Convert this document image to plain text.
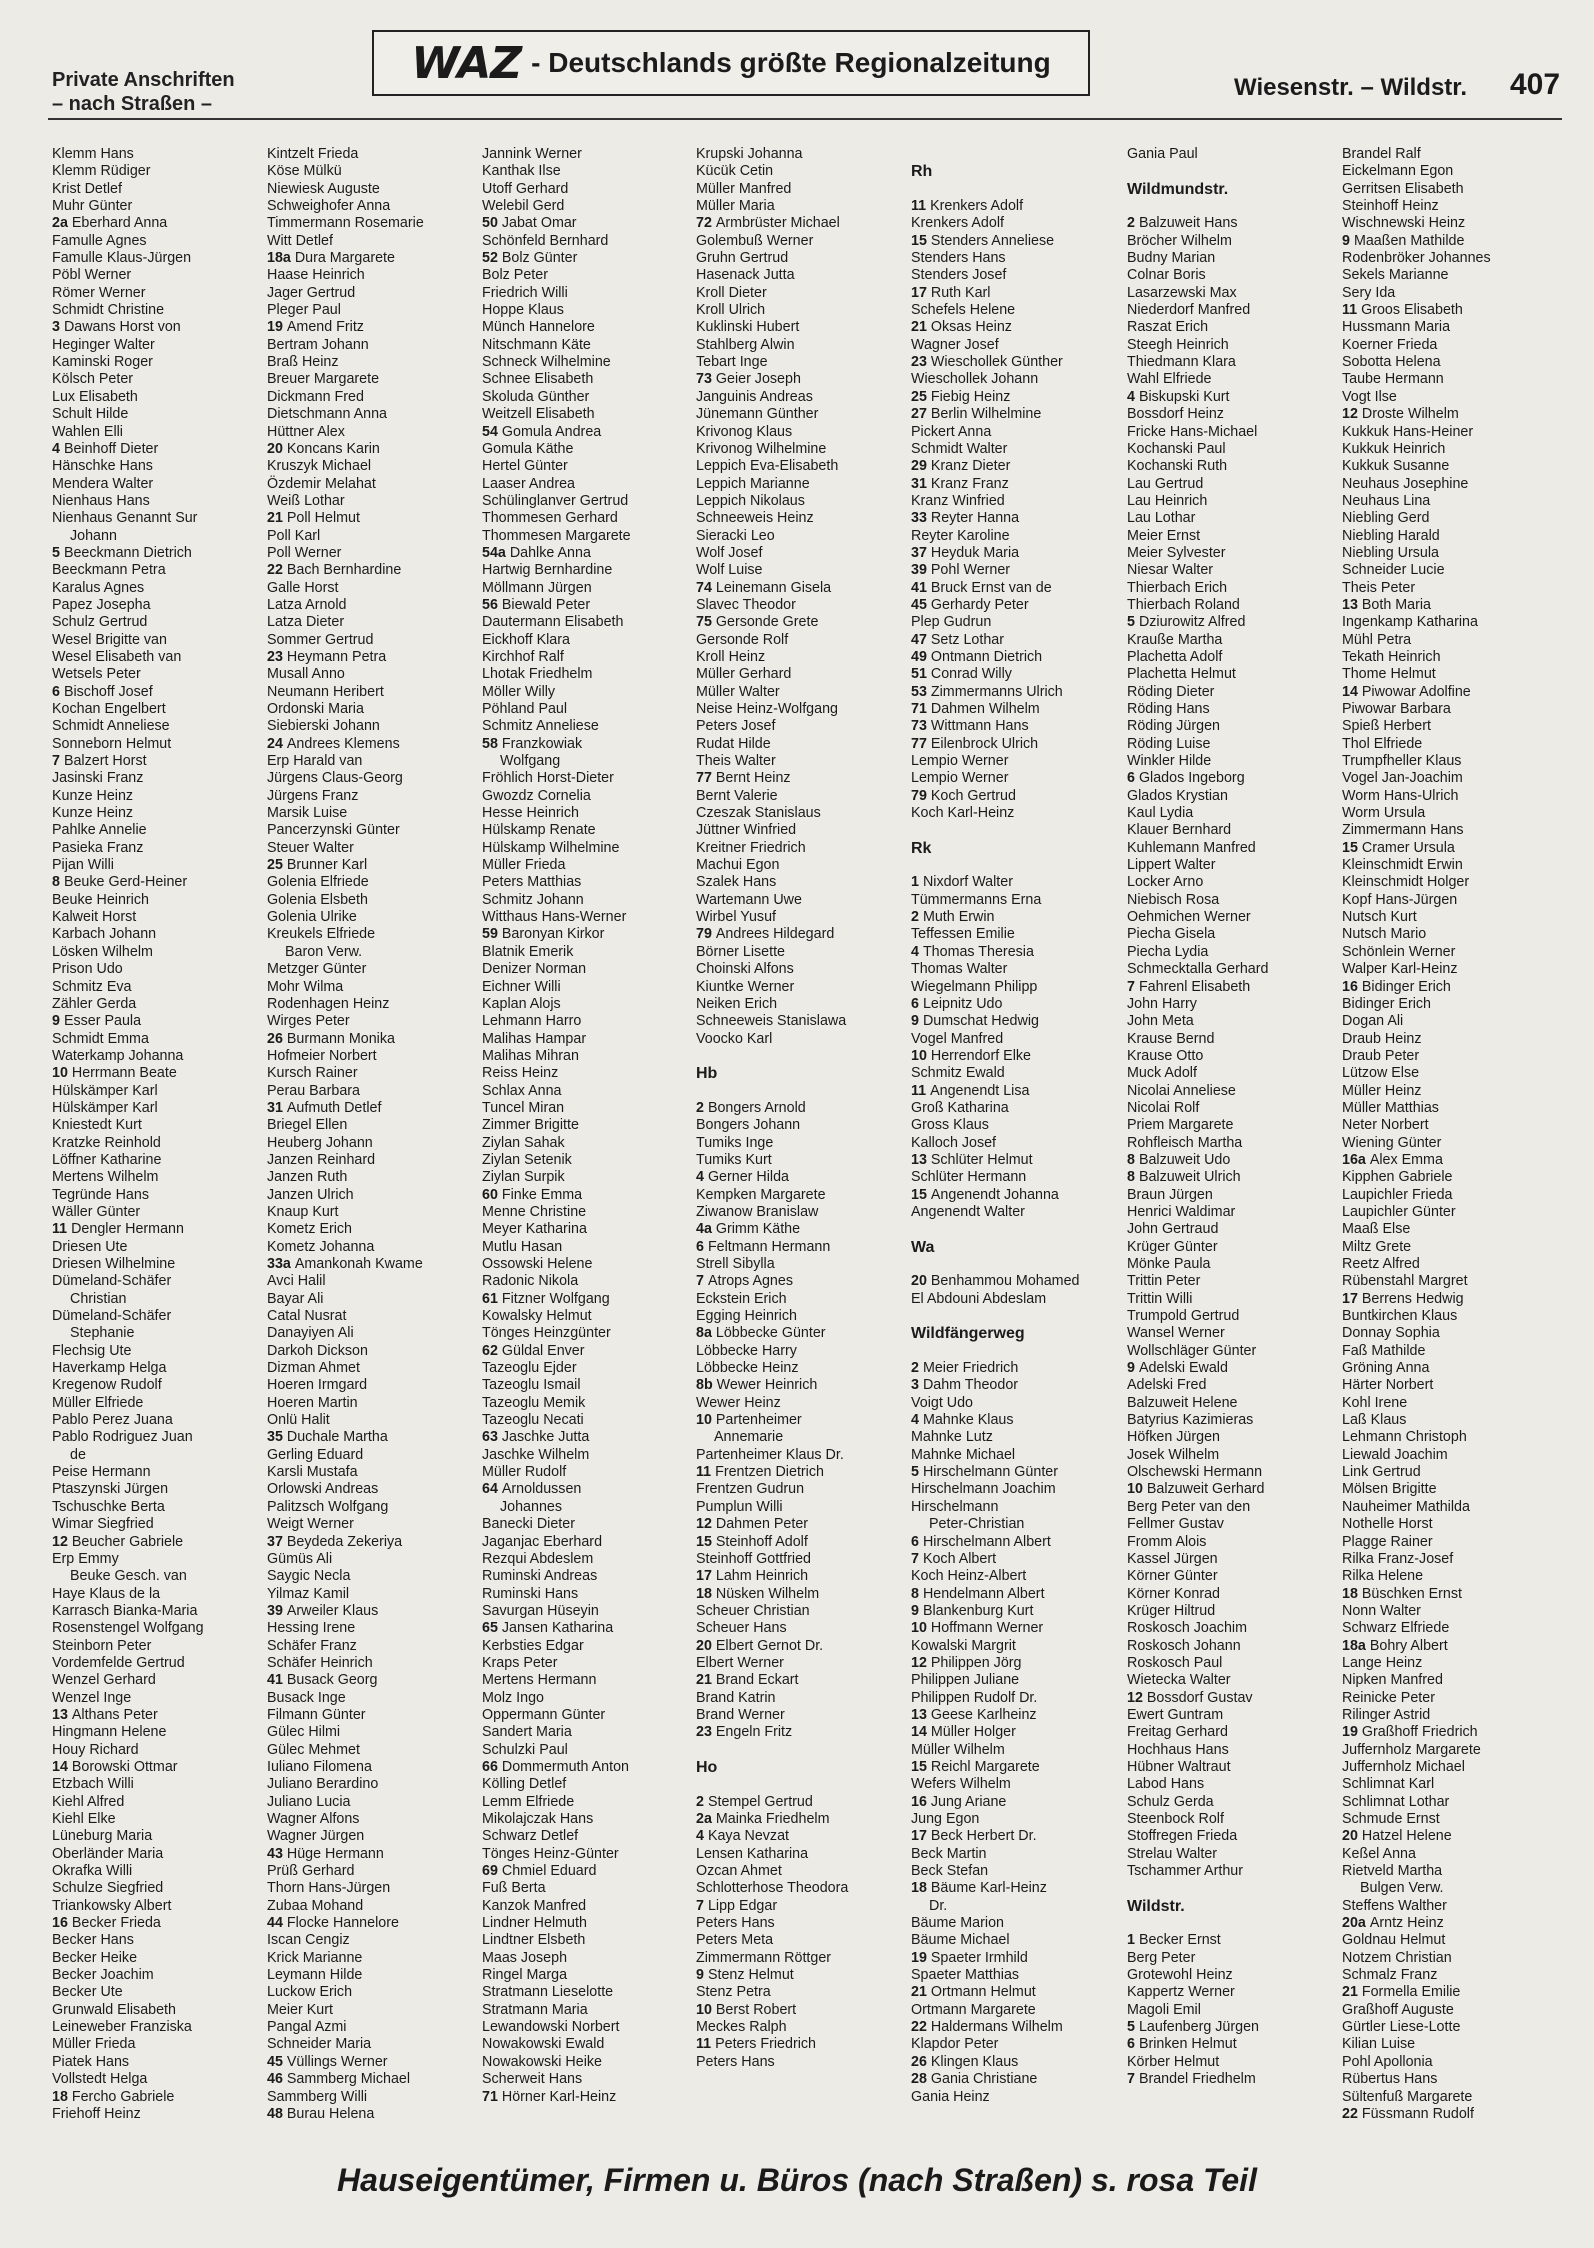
Private Anschriften
– nach Straßen –
WAZ - Deutschlands größte Regionalzeitung
Wiesenstr. – Wildstr. 407
Klemm Hans
Klemm Rüdiger
Krist Detlef
Muhr Günter
2a Eberhard Anna
Famulle Agnes
Famulle Klaus-Jürgen
Pöbl Werner
Römer Werner
Schmidt Christine
3 Dawans Horst von
Heginger Walter
Kaminski Roger
Kölsch Peter
Lux Elisabeth
Schult Hilde
Wahlen Elli
4 Beinhoff Dieter
Hänschke Hans
Mendera Walter
Nienhaus Hans
Nienhaus Genannt Sur
Johann
5 Beeckmann Dietrich
Beeckmann Petra
Karalus Agnes
Papez Josepha
Schulz Gertrud
Wesel Brigitte van
Wesel Elisabeth van
Wetsels Peter
6 Bischoff Josef
Kochan Engelbert
Schmidt Anneliese
Sonneborn Helmut
7 Balzert Horst
Jasinski Franz
Kunze Heinz
Kunze Heinz
Pahlke Annelie
Pasieka Franz
Pijan Willi
8 Beuke Gerd-Heiner
Beuke Heinrich
Kalweit Horst
Karbach Johann
Lösken Wilhelm
Prison Udo
Schmitz Eva
Zähler Gerda
9 Esser Paula
Schmidt Emma
Waterkamp Johanna
10 Herrmann Beate
Hülskämper Karl
Hülskämper Karl
Kniestedt Kurt
Kratzke Reinhold
Löffner Katharine
Mertens Wilhelm
Tegründe Hans
Wäller Günter
11 Dengler Hermann
Driesen Ute
Driesen Wilhelmine
Dümeland-Schäfer
Christian
Dümeland-Schäfer
Stephanie
Flechsig Ute
Haverkamp Helga
Kregenow Rudolf
Müller Elfriede
Pablo Perez Juana
Pablo Rodriguez Juan
de
Peise Hermann
Ptaszynski Jürgen
Tschuschke Berta
Wimar Siegfried
12 Beucher Gabriele
Erp Emmy
Beuke Gesch. van
Haye Klaus de la
Karrasch Bianka-Maria
Rosenstengel Wolfgang
Steinborn Peter
Vordemfelde Gertrud
Wenzel Gerhard
Wenzel Inge
13 Althans Peter
Hingmann Helene
Houy Richard
14 Borowski Ottmar
Etzbach Willi
Kiehl Alfred
Kiehl Elke
Lüneburg Maria
Oberländer Maria
Okrafka Willi
Schulze Siegfried
Triankowsky Albert
16 Becker Frieda
Becker Hans
Becker Heike
Becker Joachim
Becker Ute
Grunwald Elisabeth
Leineweber Franziska
Müller Frieda
Piatek Hans
Vollstedt Helga
18 Fercho Gabriele
Friehoff Heinz
Kintzelt Frieda
Köse Mülkü
Niewiesk Auguste
Schweighofer Anna
Timmermann Rosemarie
Witt Detlef
18a Dura Margarete
Haase Heinrich
Jager Gertrud
Pleger Paul
19 Amend Fritz
Bertram Johann
Braß Heinz
Breuer Margarete
Dickmann Fred
Dietschmann Anna
Hüttner Alex
20 Koncans Karin
Kruszyk Michael
Özdemir Melahat
Weiß Lothar
21 Poll Helmut
Poll Karl
Poll Werner
22 Bach Bernhardine
Galle Horst
Latza Arnold
Latza Dieter
Sommer Gertrud
23 Heymann Petra
Musall Anno
Neumann Heribert
Ordonski Maria
Siebierski Johann
24 Andrees Klemens
Erp Harald van
Jürgens Claus-Georg
Jürgens Franz
Marsik Luise
Pancerzynski Günter
Steuer Walter
25 Brunner Karl
Golenia Elfriede
Golenia Elsbeth
Golenia Ulrike
Kreukels Elfriede
Baron Verw.
Metzger Günter
Mohr Wilma
Rodenhagen Heinz
Wirges Peter
26 Burmann Monika
Hofmeier Norbert
Kursch Rainer
Perau Barbara
31 Aufmuth Detlef
Briegel Ellen
Heuberg Johann
Janzen Reinhard
Janzen Ruth
Janzen Ulrich
Knaup Kurt
Kometz Erich
Kometz Johanna
33a Amankonah Kwame
Avci Halil
Bayar Ali
Catal Nusrat
Danayiyen Ali
Darkoh Dickson
Dizman Ahmet
Hoeren Irmgard
Hoeren Martin
Onlü Halit
35 Duchale Martha
Gerling Eduard
Karsli Mustafa
Orlowski Andreas
Palitzsch Wolfgang
Weigt Werner
37 Beydeda Zekeriya
Gümüs Ali
Saygic Necla
Yilmaz Kamil
39 Arweiler Klaus
Hessing Irene
Schäfer Franz
Schäfer Heinrich
41 Busack Georg
Busack Inge
Filmann Günter
Gülec Hilmi
Gülec Mehmet
Iuliano Filomena
Juliano Berardino
Juliano Lucia
Wagner Alfons
Wagner Jürgen
43 Hüge Hermann
Prüß Gerhard
Thorn Hans-Jürgen
Zubaa Mohand
44 Flocke Hannelore
Iscan Cengiz
Krick Marianne
Leymann Hilde
Luckow Erich
Meier Kurt
Pangal Azmi
Schneider Maria
45 Vüllings Werner
46 Sammberg Michael
Sammberg Willi
48 Burau Helena
Jannink Werner
Kanthak Ilse
Utoff Gerhard
Welebil Gerd
50 Jabat Omar
Schönfeld Bernhard
52 Bolz Günter
Bolz Peter
Friedrich Willi
Hoppe Klaus
Münch Hannelore
Nitschmann Käte
Schneck Wilhelmine
Schnee Elisabeth
Skoluda Günther
Weitzell Elisabeth
54 Gomula Andrea
Gomula Käthe
Hertel Günter
Laaser Andrea
Schülinglanver Gertrud
Thommesen Gerhard
Thommesen Margarete
54a Dahlke Anna
Hartwig Bernhardine
Möllmann Jürgen
56 Biewald Peter
Dautermann Elisabeth
Eickhoff Klara
Kirchhof Ralf
Lhotak Friedhelm
Möller Willy
Pöhland Paul
Schmitz Anneliese
58 Franzkowiak
Wolfgang
Fröhlich Horst-Dieter
Gwozdz Cornelia
Hesse Heinrich
Hülskamp Renate
Hülskamp Wilhelmine
Müller Frieda
Peters Matthias
Schmitz Johann
Witthaus Hans-Werner
59 Baronyan Kirkor
Blatnik Emerik
Denizer Norman
Eichner Willi
Kaplan Alojs
Lehmann Harro
Malihas Hampar
Malihas Mihran
Reiss Heinz
Schlax Anna
Tuncel Miran
Zimmer Brigitte
Ziylan Sahak
Ziylan Setenik
Ziylan Surpik
60 Finke Emma
Menne Christine
Meyer Katharina
Mutlu Hasan
Ossowski Helene
Radonic Nikola
61 Fitzner Wolfgang
Kowalsky Helmut
Tönges Heinzgünter
62 Güldal Enver
Tazeoglu Ejder
Tazeoglu Ismail
Tazeoglu Memik
Tazeoglu Necati
63 Jaschke Jutta
Jaschke Wilhelm
Müller Rudolf
64 Arnoldussen
Johannes
Banecki Dieter
Jaganjac Eberhard
Rezqui Abdeslem
Ruminski Andreas
Ruminski Hans
Savurgan Hüseyin
65 Jansen Katharina
Kerbsties Edgar
Kraps Peter
Mertens Hermann
Molz Ingo
Oppermann Günter
Sandert Maria
Schulzki Paul
66 Dommermuth Anton
Kölling Detlef
Lemm Elfriede
Mikolajczak Hans
Schwarz Detlef
Tönges Heinz-Günter
69 Chmiel Eduard
Fuß Berta
Kanzok Manfred
Lindner Helmuth
Lindtner Elsbeth
Maas Joseph
Ringel Marga
Stratmann Lieselotte
Stratmann Maria
Lewandowski Norbert
Nowakowski Ewald
Nowakowski Heike
Scherweit Hans
71 Hörner Karl-Heinz
Krupski Johanna
Kücük Cetin
Müller Manfred
Müller Maria
72 Armbrüster Michael
Golembuß Werner
Gruhn Gertrud
Hasenack Jutta
Kroll Dieter
Kroll Ulrich
Kuklinski Hubert
Stahlberg Alwin
Tebart Inge
73 Geier Joseph
Janguinis Andreas
Jünemann Günther
Krivonog Klaus
Krivonog Wilhelmine
Leppich Eva-Elisabeth
Leppich Marianne
Leppich Nikolaus
Schneeweis Heinz
Sieracki Leo
Wolf Josef
Wolf Luise
74 Leinemann Gisela
Slavec Theodor
75 Gersonde Grete
Gersonde Rolf
Kroll Heinz
Müller Gerhard
Müller Walter
Neise Heinz-Wolfgang
Peters Josef
Rudat Hilde
Theis Walter
77 Bernt Heinz
Bernt Valerie
Czeszak Stanislaus
Jüttner Winfried
Kreitner Friedrich
Machui Egon
Szalek Hans
Wartemann Uwe
Wirbel Yusuf
79 Andrees Hildegard
Börner Lisette
Choinski Alfons
Kiuntke Werner
Neiken Erich
Schneeweis Stanislawa
Voocko Karl
Hb
2 Bongers Arnold
Bongers Johann
Tumiks Inge
Tumiks Kurt
4 Gerner Hilda
Kempken Margarete
Ziwanow Branislaw
4a Grimm Käthe
6 Feltmann Hermann
Strell Sibylla
7 Atrops Agnes
Eckstein Erich
Egging Heinrich
8a Löbbecke Günter
Löbbecke Harry
Löbbecke Heinz
8b Wewer Heinrich
Wewer Heinz
10 Partenheimer
Annemarie
Partenheimer Klaus Dr.
11 Frentzen Dietrich
Frentzen Gudrun
Pumplun Willi
12 Dahmen Peter
15 Steinhoff Adolf
Steinhoff Gottfried
17 Lahm Heinrich
18 Nüsken Wilhelm
Scheuer Christian
Scheuer Hans
20 Elbert Gernot Dr.
Elbert Werner
21 Brand Eckart
Brand Katrin
Brand Werner
23 Engeln Fritz
Ho
2 Stempel Gertrud
2a Mainka Friedhelm
4 Kaya Nevzat
Lensen Katharina
Ozcan Ahmet
Schlotterhose Theodora
7 Lipp Edgar
Peters Hans
Peters Meta
Zimmermann Röttger
9 Stenz Helmut
Stenz Petra
10 Berst Robert
Meckes Ralph
11 Peters Friedrich
Peters Hans
Rh
11 Krenkers Adolf
Krenkers Adolf
15 Stenders Anneliese
Stenders Hans
Stenders Josef
17 Ruth Karl
Schefels Helene
21 Oksas Heinz
Wagner Josef
23 Wieschollek Günther
Wieschollek Johann
25 Fiebig Heinz
27 Berlin Wilhelmine
Pickert Anna
Schmidt Walter
29 Kranz Dieter
31 Kranz Franz
Kranz Winfried
33 Reyter Hanna
Reyter Karoline
37 Heyduk Maria
39 Pohl Werner
41 Bruck Ernst van de
45 Gerhardy Peter
Plep Gudrun
47 Setz Lothar
49 Ontmann Dietrich
51 Conrad Willy
53 Zimmermanns Ulrich
71 Dahmen Wilhelm
73 Wittmann Hans
77 Eilenbrock Ulrich
Lempio Werner
Lempio Werner
79 Koch Gertrud
Koch Karl-Heinz
Rk
1 Nixdorf Walter
Tümmermanns Erna
2 Muth Erwin
Teffessen Emilie
4 Thomas Theresia
Thomas Walter
Wiegelmann Philipp
6 Leipnitz Udo
9 Dumschat Hedwig
Vogel Manfred
10 Herrendorf Elke
Schmitz Ewald
11 Angenendt Lisa
Groß Katharina
Gross Klaus
Kalloch Josef
13 Schlüter Helmut
Schlüter Hermann
15 Angenendt Johanna
Angenendt Walter
Wa
20 Benhammou Mohamed
El Abdouni Abdeslam
Wildfängerweg
2 Meier Friedrich
3 Dahm Theodor
Voigt Udo
4 Mahnke Klaus
Mahnke Lutz
Mahnke Michael
5 Hirschelmann Günter
Hirschelmann Joachim
Hirschelmann
Peter-Christian
6 Hirschelmann Albert
7 Koch Albert
Koch Heinz-Albert
8 Hendelmann Albert
9 Blankenburg Kurt
10 Hoffmann Werner
Kowalski Margrit
12 Philippen Jörg
Philippen Juliane
Philippen Rudolf Dr.
13 Geese Karlheinz
14 Müller Holger
Müller Wilhelm
15 Reichl Margarete
Wefers Wilhelm
16 Jung Ariane
Jung Egon
17 Beck Herbert Dr.
Beck Martin
Beck Stefan
18 Bäume Karl-Heinz
Dr.
Bäume Marion
Bäume Michael
19 Spaeter Irmhild
Spaeter Matthias
21 Ortmann Helmut
Ortmann Margarete
22 Haldermans Wilhelm
Klapdor Peter
26 Klingen Klaus
28 Gania Christiane
Gania Heinz
Gania Paul
Wildmundstr.
2 Balzuweit Hans
Bröcher Wilhelm
Budny Marian
Colnar Boris
Lasarzewski Max
Niederdorf Manfred
Raszat Erich
Steegh Heinrich
Thiedmann Klara
Wahl Elfriede
4 Biskupski Kurt
Bossdorf Heinz
Fricke Hans-Michael
Kochanski Paul
Kochanski Ruth
Lau Gertrud
Lau Heinrich
Lau Lothar
Meier Ernst
Meier Sylvester
Niesar Walter
Thierbach Erich
Thierbach Roland
5 Dziurowitz Alfred
Krauße Martha
Plachetta Adolf
Plachetta Helmut
Röding Dieter
Röding Hans
Röding Jürgen
Röding Luise
Winkler Hilde
6 Glados Ingeborg
Glados Krystian
Kaul Lydia
Klauer Bernhard
Kuhlemann Manfred
Lippert Walter
Locker Arno
Niebisch Rosa
Oehmichen Werner
Piecha Gisela
Piecha Lydia
Schmecktalla Gerhard
7 Fahrenl Elisabeth
John Harry
John Meta
Krause Bernd
Krause Otto
Muck Adolf
Nicolai Anneliese
Nicolai Rolf
Priem Margarete
Rohfleisch Martha
8 Balzuweit Udo
8 Balzuweit Ulrich
Braun Jürgen
Henrici Waldimar
John Gertraud
Krüger Günter
Mönke Paula
Trittin Peter
Trittin Willi
Trumpold Gertrud
Wansel Werner
Wollschläger Günter
9 Adelski Ewald
Adelski Fred
Balzuweit Helene
Batyrius Kazimieras
Höfken Jürgen
Josek Wilhelm
Olschewski Hermann
10 Balzuweit Gerhard
Berg Peter van den
Fellmer Gustav
Fromm Alois
Kassel Jürgen
Körner Günter
Körner Konrad
Krüger Hiltrud
Roskosch Joachim
Roskosch Johann
Roskosch Paul
Wietecka Walter
12 Bossdorf Gustav
Ewert Guntram
Freitag Gerhard
Hochhaus Hans
Hübner Waltraut
Labod Hans
Schulz Gerda
Steenbock Rolf
Stoffregen Frieda
Strelau Walter
Tschammer Arthur
Wildstr.
1 Becker Ernst
Berg Peter
Grotewohl Heinz
Kappertz Werner
Magoli Emil
5 Laufenberg Jürgen
6 Brinken Helmut
Körber Helmut
7 Brandel Friedhelm
Brandel Ralf
Eickelmann Egon
Gerritsen Elisabeth
Steinhoff Heinz
Wischnewski Heinz
9 Maaßen Mathilde
Rodenbröker Johannes
Sekels Marianne
Sery Ida
11 Groos Elisabeth
Hussmann Maria
Koerner Frieda
Sobotta Helena
Taube Hermann
Vogt Ilse
12 Droste Wilhelm
Kukkuk Hans-Heiner
Kukkuk Heinrich
Kukkuk Susanne
Neuhaus Josephine
Neuhaus Lina
Niebling Gerd
Niebling Harald
Niebling Ursula
Schneider Lucie
Theis Peter
13 Both Maria
Ingenkamp Katharina
Mühl Petra
Tekath Heinrich
Thome Helmut
14 Piwowar Adolfine
Piwowar Barbara
Spieß Herbert
Thol Elfriede
Trumpfheller Klaus
Vogel Jan-Joachim
Worm Hans-Ulrich
Worm Ursula
Zimmermann Hans
15 Cramer Ursula
Kleinschmidt Erwin
Kleinschmidt Holger
Kopf Hans-Jürgen
Nutsch Kurt
Nutsch Mario
Schönlein Werner
Walper Karl-Heinz
16 Bidinger Erich
Bidinger Erich
Dogan Ali
Draub Heinz
Draub Peter
Lützow Else
Müller Heinz
Müller Matthias
Neter Norbert
Wiening Günter
16a Alex Emma
Kipphen Gabriele
Laupichler Frieda
Laupichler Günter
Maaß Else
Miltz Grete
Reetz Alfred
Rübenstahl Margret
17 Berrens Hedwig
Buntkirchen Klaus
Donnay Sophia
Faß Mathilde
Gröning Anna
Härter Norbert
Kohl Irene
Laß Klaus
Lehmann Christoph
Liewald Joachim
Link Gertrud
Mölsen Brigitte
Nauheimer Mathilda
Nothelle Horst
Plagge Rainer
Rilka Franz-Josef
Rilka Helene
18 Büschken Ernst
Nonn Walter
Schwarz Elfriede
18a Bohry Albert
Lange Heinz
Nipken Manfred
Reinicke Peter
Rilinger Astrid
19 Graßhoff Friedrich
Juffernholz Margarete
Juffernholz Michael
Schlimnat Karl
Schlimnat Lothar
Schmude Ernst
20 Hatzel Helene
Keßel Anna
Rietveld Martha
Bulgen Verw.
Steffens Walther
20a Arntz Heinz
Goldnau Helmut
Notzem Christian
Schmalz Franz
21 Formella Emilie
Graßhoff Auguste
Gürtler Liese-Lotte
Kilian Luise
Pohl Apollonia
Rübertus Hans
Sültenfuß Margarete
22 Füssmann Rudolf
Hauseigentümer, Firmen u. Büros (nach Straßen) s. rosa Teil
